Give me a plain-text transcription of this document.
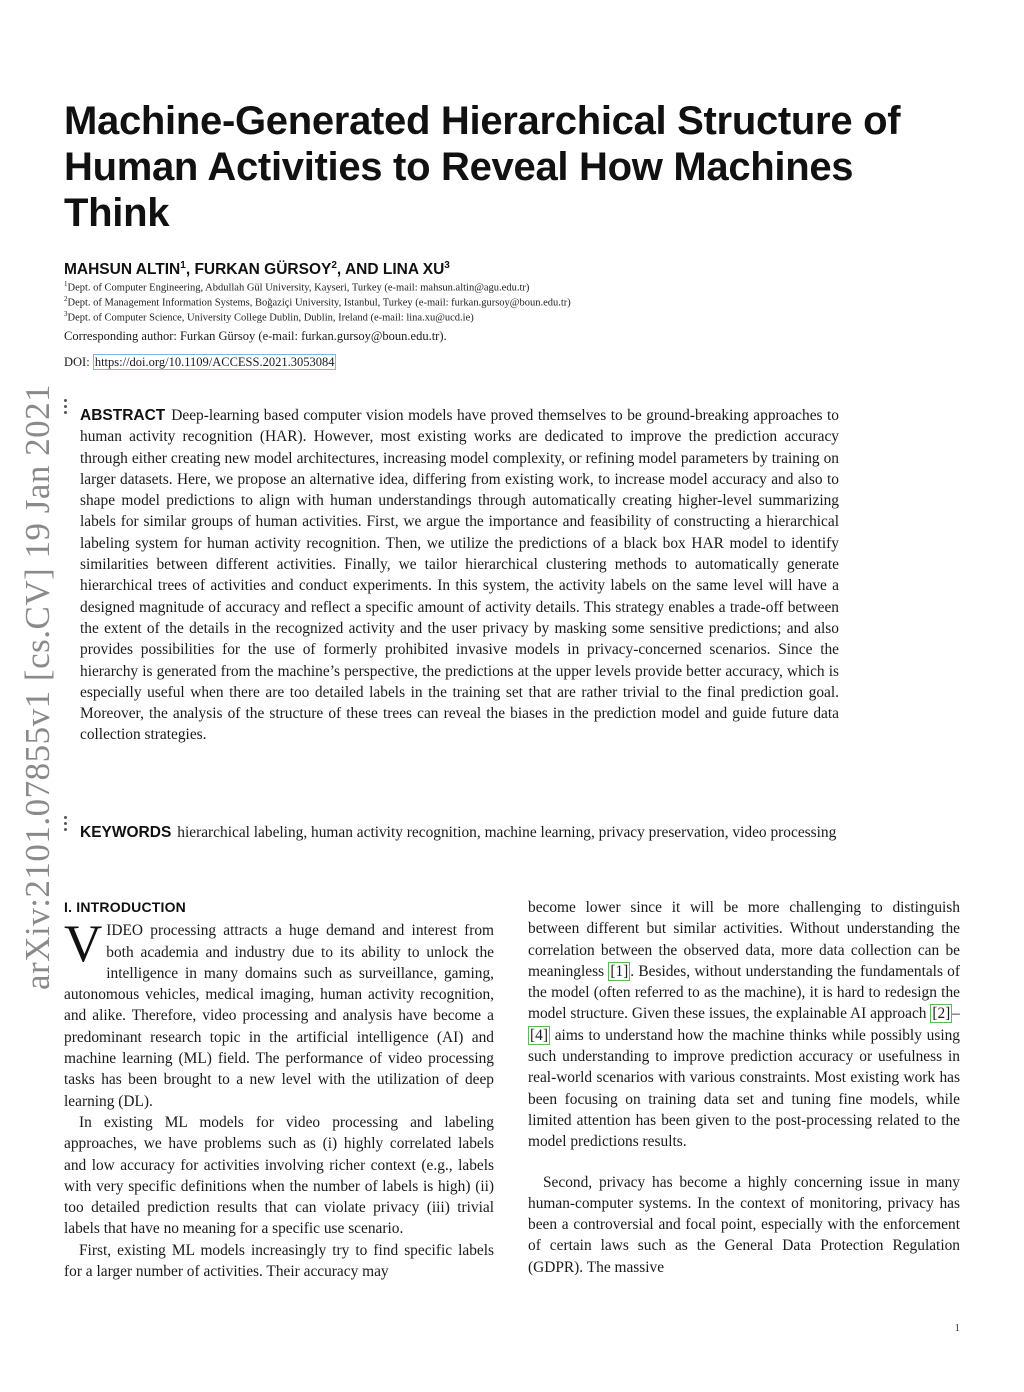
arXiv:2101.07855v1 [cs.CV] 19 Jan 2021
Machine-Generated Hierarchical Structure of Human Activities to Reveal How Machines Think
MAHSUN ALTIN$^1$, FURKAN GÜRSOY$^2$, AND LINA $XU^3$
$^1$Dept. of Computer Engineering, Abdullah Gül University, Kayseri, Turkey (e-mail: mahsun.altin@agu.edu.tr)
$^2$Dept. of Management Information Systems, Boğaziçi University, Istanbul, Turkey (e-mail: furkan.gursoy@boun.edu.tr)
$^3$Dept. of Computer Science, University College Dublin, Dublin, Ireland (e-mail: lina.xu@ucd.ie)
Corresponding author: Furkan Gürsoy (e-mail: furkan.gursoy@boun.edu.tr).
DOI: https://doi.org/10.1109/ACCESS.2021.3053084

ABSTRACT Deep-learning based computer vision models have proved themselves to be ground-breaking approaches to human activity recognition (HAR). However, most existing works are dedicated to improve the prediction accuracy through either creating new model architectures, increasing model complexity, or refining model parameters by training on larger datasets. Here, we propose an alternative idea, differing from existing work, to increase model accuracy and also to shape model predictions to align with human understandings through automatically creating higher-level summarizing labels for similar groups of human activities. First, we argue the importance and feasibility of constructing a hierarchical labeling system for human activity recognition. Then, we utilize the predictions of a black box HAR model to identify similarities between different activities. Finally, we tailor hierarchical clustering methods to automatically generate hierarchical trees of activities and conduct experiments. In this system, the activity labels on the same level will have a designed magnitude of accuracy and reflect a specific amount of activity details. This strategy enables a trade-off between the extent of the details in the recognized activity and the user privacy by masking some sensitive predictions; and also provides possibilities for the use of formerly prohibited invasive models in privacy-concerned scenarios. Since the hierarchy is generated from the machine’s perspective, the predictions at the upper levels provide better accuracy, which is especially useful when there are too detailed labels in the training set that are rather trivial to the final prediction goal. Moreover, the analysis of the structure of these trees can reveal the biases in the prediction model and guide future data collection strategies.

KEYWORDS hierarchical labeling, human activity recognition, machine learning, privacy preservation, video processing

I. INTRODUCTION

VIDEO processing attracts a huge demand and interest from both academia and industry due to its ability to unlock the intelligence in many domains such as surveillance, gaming, autonomous vehicles, medical imaging, human activity recognition, and alike. Therefore, video processing and analysis have become a predominant research topic in the artificial intelligence (AI) and machine learning (ML) field. The performance of video processing tasks has been brought to a new level with the utilization of deep learning (DL).

In existing ML models for video processing and labeling approaches, we have problems such as (i) highly correlated labels and low accuracy for activities involving richer context (e.g., labels with very specific definitions when the number of labels is high) (ii) too detailed prediction results that can violate privacy (iii) trivial labels that have no meaning for a specific use scenario.

First, existing ML models increasingly try to find specific labels for a larger number of activities. Their accuracy may

become lower since it will be more challenging to distinguish between different but similar activities. Without understanding the correlation between the observed data, more data collection can be meaningless [1] . Besides, without understanding the fundamentals of the model (often referred to as the machine), it is hard to redesign the model structure. Given these issues, the explainable AI approach [2] –[4] aims to understand how the machine thinks while possibly using such understanding to improve prediction accuracy or usefulness in real-world scenarios with various constraints. Most existing work has been focusing on training data set and tuning fine models, while limited attention has been given to the post-processing related to the model predictions results.

Second, privacy has become a highly concerning issue in many human-computer systems. In the context of monitoring, privacy has been a controversial and focal point, especially with the enforcement of certain laws such as the General Data Protection Regulation (GDPR). The massive

1
